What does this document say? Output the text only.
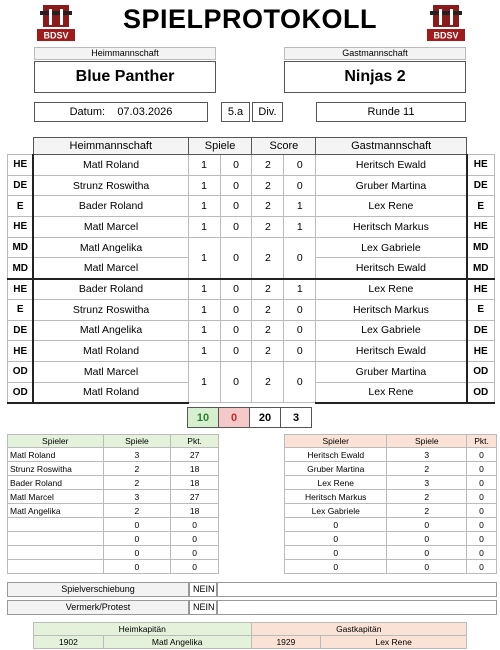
BDSV	BDSV
SPIELPROTOKOLL
Heimmannschaft	Gastmannschaft
Blue Panther	Ninjas 2
Datum: 07.03.2026	5.a	Div.	Runde 11
	Heimmannschaft	Spiele		Score		Gastmannschaft	
HE	Matl Roland	1	0	2	0	Heritsch Ewald	HE
DE	Strunz Roswitha	1	0	2	0	Gruber Martina	DE
E	Bader Roland	1	0	2	1	Lex Rene	E
HE	Matl Marcel	1	0	2	1	Heritsch Markus	HE
MD	Matl Angelika	1	0	2	0	Lex Gabriele	MD
MD	Matl Marcel					Heritsch Ewald	MD
HE	Bader Roland	1	0	2	1	Lex Rene	HE
E	Strunz Roswitha	1	0	2	0	Heritsch Markus	E
DE	Matl Angelika	1	0	2	0	Lex Gabriele	DE
HE	Matl Roland	1	0	2	0	Heritsch Ewald	HE
OD	Matl Marcel	1	0	2	0	Gruber Martina	OD
OD	Matl Roland					Lex Rene	OD
10	0	20	3
Spieler	Spiele	Pkt.
Matl Roland	3	27
Strunz Roswitha	2	18
Bader Roland	2	18
Matl Marcel	3	27
Matl Angelika	2	18
	0	0
	0	0
	0	0
	0	0
Spieler	Spiele	Pkt.
Heritsch Ewald	3	0
Gruber Martina	2	0
Lex Rene	3	0
Heritsch Markus	2	0
Lex Gabriele	2	0
0	0	0
0	0	0
0	0	0
0	0	0
Spielverschiebung	NEIN
Vermerk/Protest	NEIN
Heimkapitän		Gastkapitän	
1902	Matl Angelika	1929	Lex Rene
